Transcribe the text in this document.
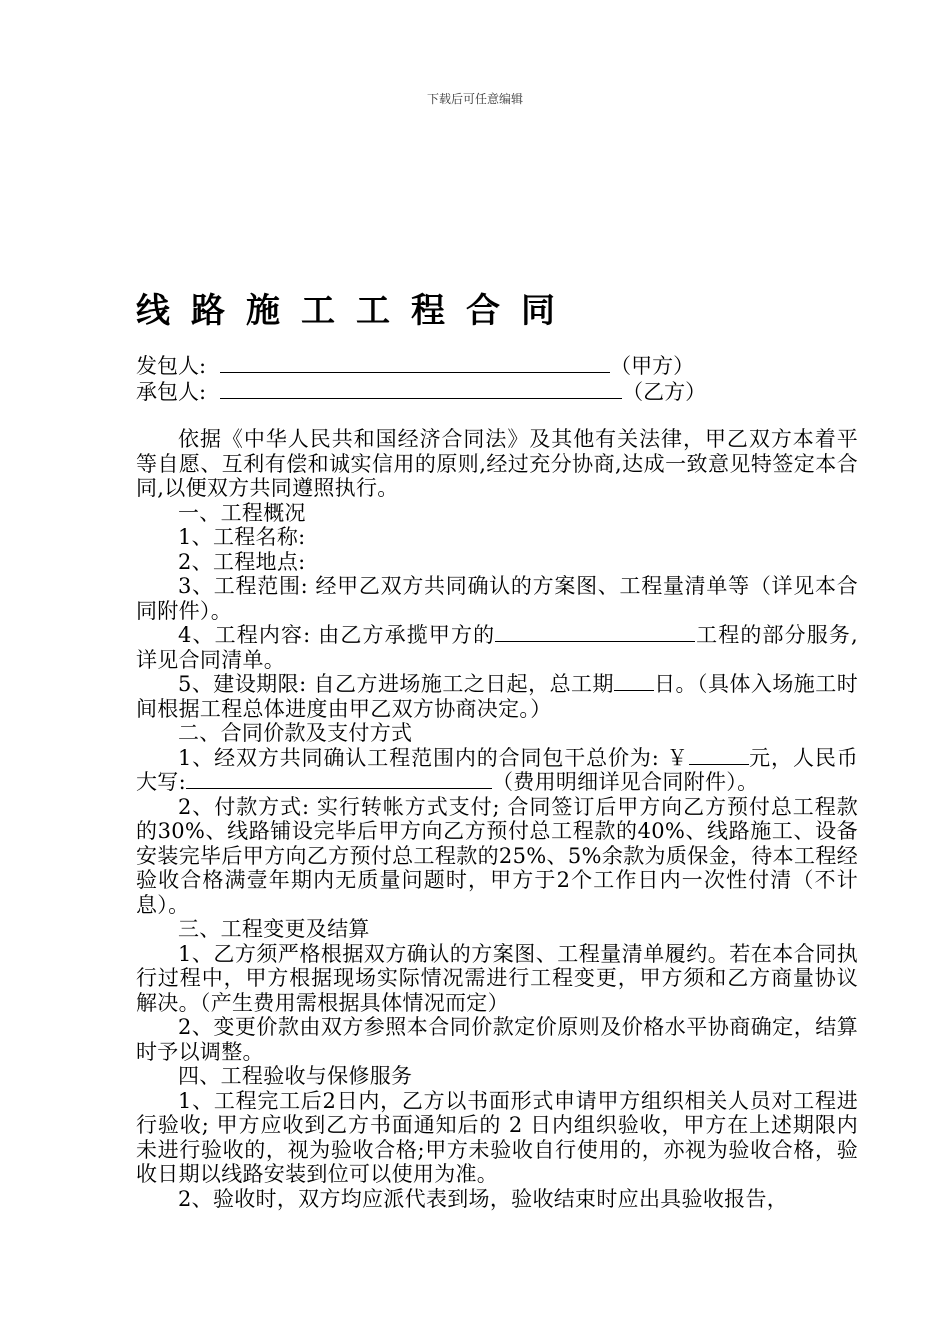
下载后可任意编辑
线路施工工程合同
发包人:	（甲方）
承包人:	（乙方）

依据《中华人民共和国经济合同法》及其他有关法律，甲乙双方本着平等自愿、互利有偿和诚实信用的原则,经过充分协商,达成一致意见特签定本合同,以便双方共同遵照执行。

一、工程概况

1、工程名称:

2、工程地点:

3、工程范围: 经甲乙双方共同确认的方案图、工程量清单等（详见本合同附件）。

4、工程内容: 由乙方承揽甲方的	工程的部分服务,详见合同清单。

5、建设期限: 自乙方进场施工之日起，总工期 日。（具体入场施工时间根据工程总体进度由甲乙双方协商决定。）

二、合同价款及支付方式

1、经双方共同确认工程范围内的合同包干总价为: ￥	元，人民币大写:	（费用明细详见合同附件）。

2、付款方式: 实行转帐方式支付; 合同签订后甲方向乙方预付总工程款的30%、线路铺设完毕后甲方向乙方预付总工程款的40%、线路施工、设备安装完毕后甲方向乙方预付总工程款的25%、5%余款为质保金，待本工程经验收合格满壹年期内无质量问题时，甲方于2个工作日内一次性付清（不计息）。

三、工程变更及结算

1、乙方须严格根据双方确认的方案图、工程量清单履约。若在本合同执行过程中，甲方根据现场实际情况需进行工程变更，甲方须和乙方商量协议解决。（产生费用需根据具体情况而定）

2、变更价款由双方参照本合同价款定价原则及价格水平协商确定，结算时予以调整。

四、工程验收与保修服务

1、工程完工后2日内，乙方以书面形式申请甲方组织相关人员对工程进行验收; 甲方应收到乙方书面通知后的 2 日内组织验收，甲方在上述期限内未进行验收的，视为验收合格;甲方未验收自行使用的，亦视为验收合格，验收日期以线路安装到位可以使用为准。

2、验收时，双方均应派代表到场，验收结束时应出具验收报告，
